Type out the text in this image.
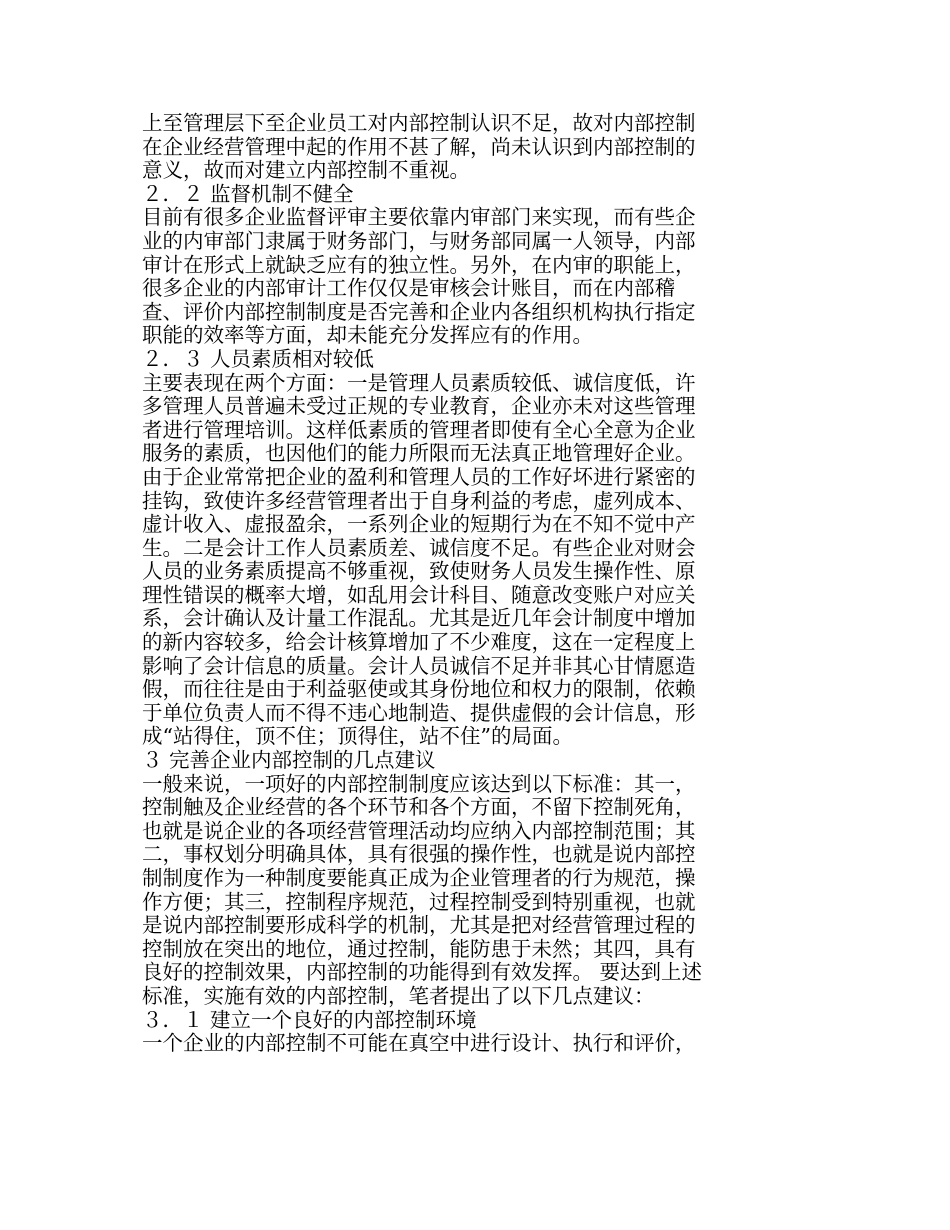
上至管理层下至企业员工对内部控制认识不足，故对内部控制
在企业经营管理中起的作用不甚了解，尚未认识到内部控制的
意义，故而对建立内部控制不重视。
２．２ 监督机制不健全
目前有很多企业监督评审主要依靠内审部门来实现，而有些企
业的内审部门隶属于财务部门，与财务部同属一人领导，内部
审计在形式上就缺乏应有的独立性。另外，在内审的职能上，
很多企业的内部审计工作仅仅是审核会计账目，而在内部稽
查、评价内部控制制度是否完善和企业内各组织机构执行指定
职能的效率等方面，却未能充分发挥应有的作用。
２．３ 人员素质相对较低
主要表现在两个方面：一是管理人员素质较低、诚信度低，许
多管理人员普遍未受过正规的专业教育，企业亦未对这些管理
者进行管理培训。这样低素质的管理者即使有全心全意为企业
服务的素质，也因他们的能力所限而无法真正地管理好企业。
由于企业常常把企业的盈利和管理人员的工作好坏进行紧密的
挂钩，致使许多经营管理者出于自身利益的考虑，虚列成本、
虚计收入、虚报盈余，一系列企业的短期行为在不知不觉中产
生。二是会计工作人员素质差、诚信度不足。有些企业对财会
人员的业务素质提高不够重视，致使财务人员发生操作性、原
理性错误的概率大增，如乱用会计科目、随意改变账户对应关
系，会计确认及计量工作混乱。尤其是近几年会计制度中增加
的新内容较多，给会计核算增加了不少难度，这在一定程度上
影响了会计信息的质量。会计人员诚信不足并非其心甘情愿造
假，而往往是由于利益驱使或其身份地位和权力的限制，依赖
于单位负责人而不得不违心地制造、提供虚假的会计信息，形
成“站得住，顶不住；顶得住，站不住”的局面。
３ 完善企业内部控制的几点建议
一般来说，一项好的内部控制制度应该达到以下标准：其一，
控制触及企业经营的各个环节和各个方面，不留下控制死角，
也就是说企业的各项经营管理活动均应纳入内部控制范围；其
二，事权划分明确具体，具有很强的操作性，也就是说内部控
制制度作为一种制度要能真正成为企业管理者的行为规范，操
作方便；其三，控制程序规范，过程控制受到特别重视，也就
是说内部控制要形成科学的机制，尤其是把对经营管理过程的
控制放在突出的地位，通过控制，能防患于未然；其四，具有
良好的控制效果，内部控制的功能得到有效发挥。 要达到上述
标准，实施有效的内部控制，笔者提出了以下几点建议：
３．１ 建立一个良好的内部控制环境
一个企业的内部控制不可能在真空中进行设计、执行和评价，
